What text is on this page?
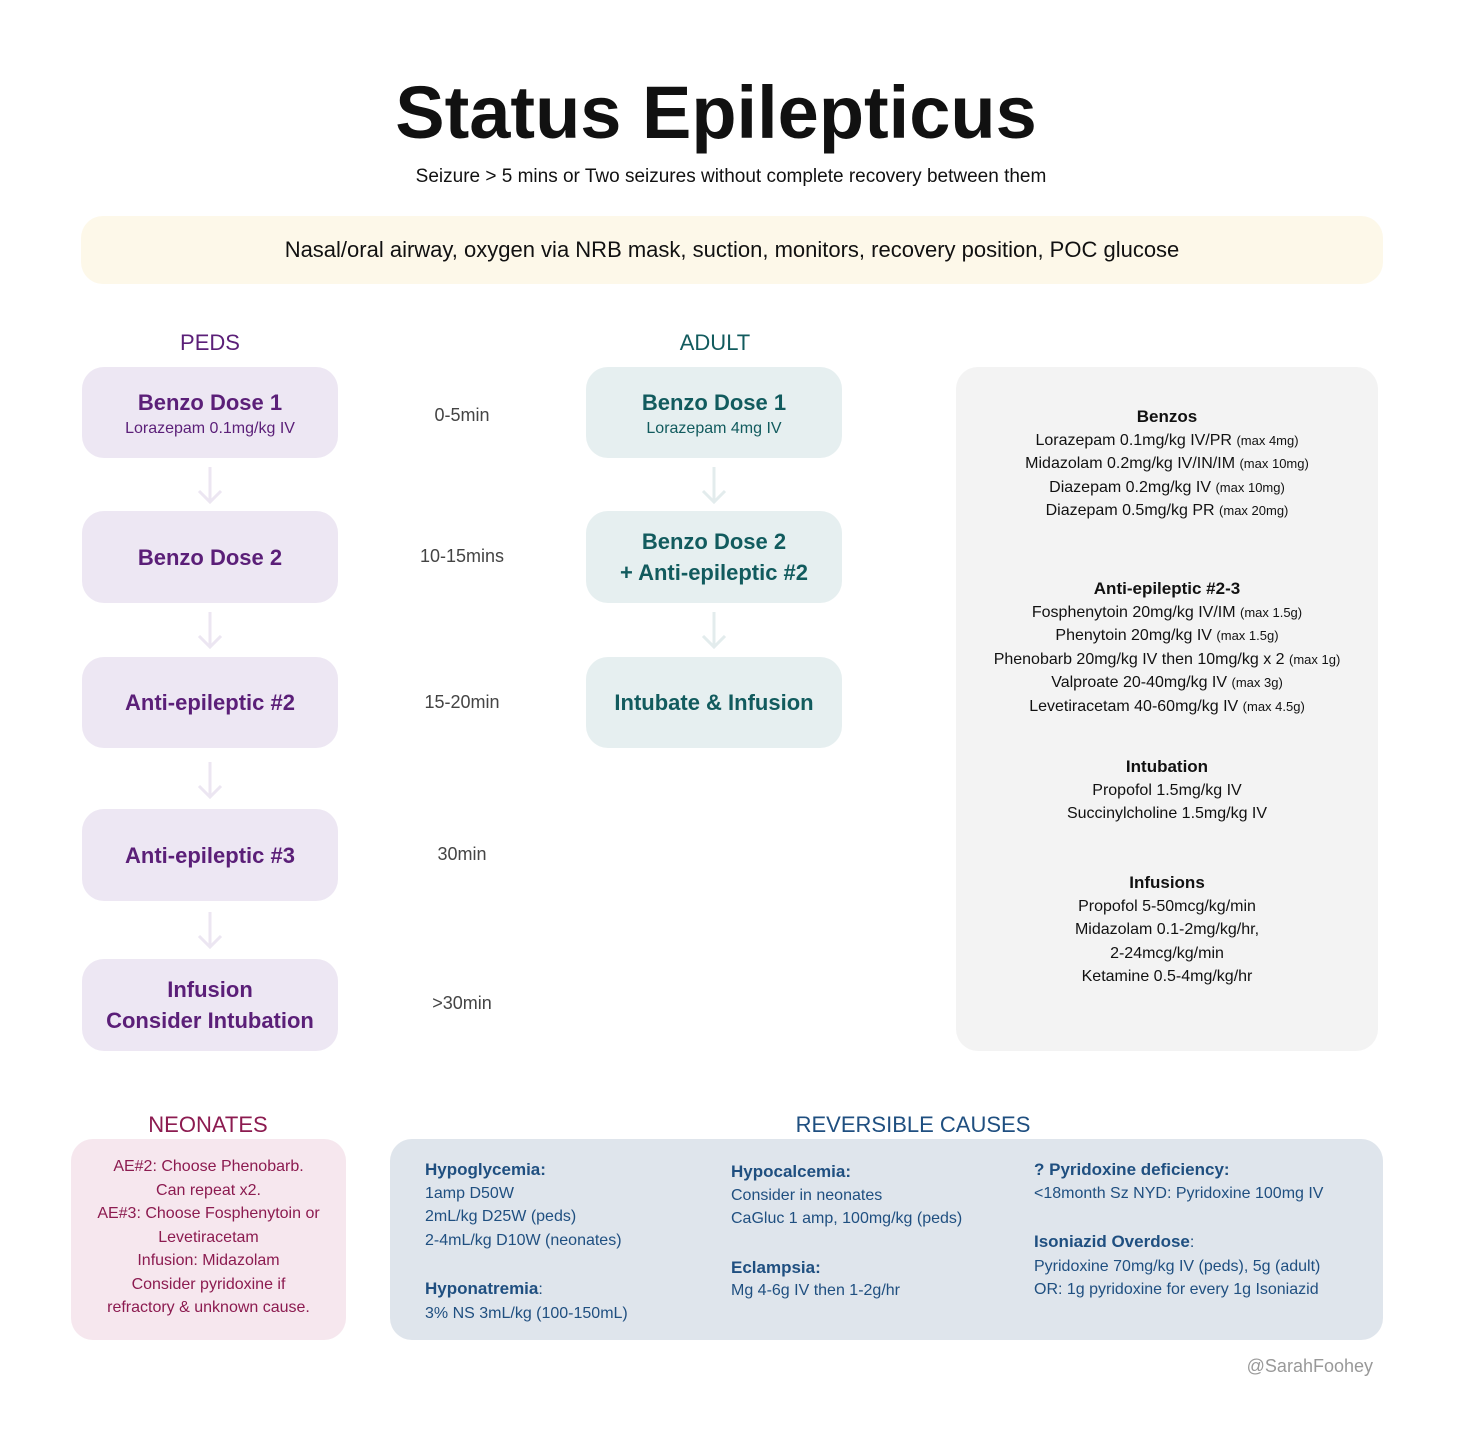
Status Epilepticus
Seizure > 5 mins or Two seizures without complete recovery between them
Nasal/oral airway, oxygen via NRB mask, suction, monitors, recovery position, POC glucose
PEDS	ADULT
Benzo Dose 1
Lorazepam 0.1mg/kg IV
Benzo Dose 2
Anti-epileptic #2
Anti-epileptic #3
Infusion
Consider Intubation
0-5min
10-15mins
15-20min
30min
>30min
Benzo Dose 1
Lorazepam 4mg IV
Benzo Dose 2
+ Anti-epileptic #2
Intubate & Infusion
Benzos
Lorazepam 0.1mg/kg IV/PR (max 4mg)
Midazolam 0.2mg/kg IV/IN/IM (max 10mg)
Diazepam 0.2mg/kg IV (max 10mg)
Diazepam 0.5mg/kg PR (max 20mg)
Anti-epileptic #2-3
Fosphenytoin 20mg/kg IV/IM (max 1.5g)
Phenytoin 20mg/kg IV (max 1.5g)
Phenobarb 20mg/kg IV then 10mg/kg x 2 (max 1g)
Valproate 20-40mg/kg IV (max 3g)
Levetiracetam 40-60mg/kg IV (max 4.5g)
Intubation
Propofol 1.5mg/kg IV
Succinylcholine 1.5mg/kg IV
Infusions
Propofol 5-50mcg/kg/min
Midazolam 0.1-2mg/kg/hr,
2-24mcg/kg/min
Ketamine 0.5-4mg/kg/hr
NEONATES
AE#2: Choose Phenobarb.
Can repeat x2.
AE#3: Choose Fosphenytoin or
Levetiracetam
Infusion: Midazolam
Consider pyridoxine if
refractory & unknown cause.
REVERSIBLE CAUSES
Hypoglycemia:
1amp D50W
2mL/kg D25W (peds)
2-4mL/kg D10W (neonates)
Hyponatremia:
3% NS 3mL/kg (100-150mL)
Hypocalcemia:
Consider in neonates
CaGluc 1 amp, 100mg/kg (peds)
Eclampsia:
Mg 4-6g IV then 1-2g/hr
? Pyridoxine deficiency:
<18month Sz NYD: Pyridoxine 100mg IV
Isoniazid Overdose:
Pyridoxine 70mg/kg IV (peds), 5g (adult)
OR: 1g pyridoxine for every 1g Isoniazid
@SarahFoohey
